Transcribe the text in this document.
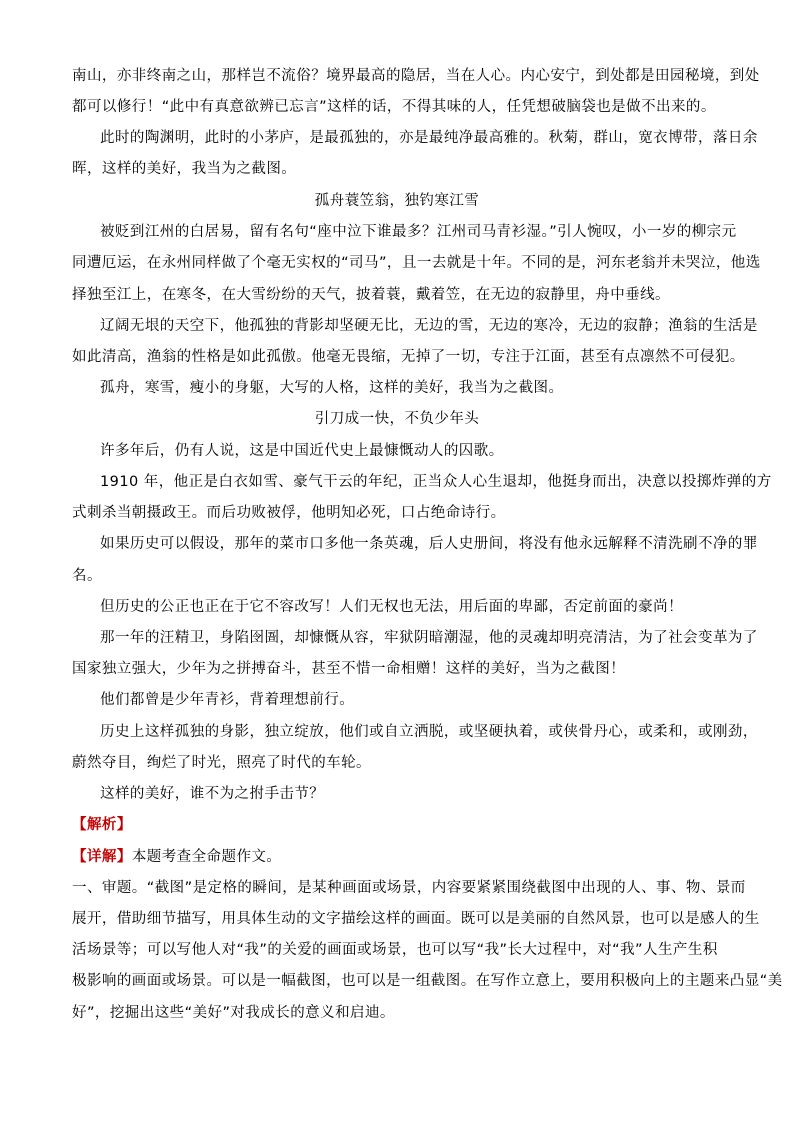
南山，亦非终南之山，那样岂不流俗？境界最高的隐居，当在人心。内心安宁，到处都是田园秘境，到处
都可以修行！“此中有真意欲辨已忘言”这样的话，不得其味的人，任凭想破脑袋也是做不出来的。
此时的陶渊明，此时的小茅庐，是最孤独的，亦是最纯净最高雅的。秋菊，群山，宽衣博带，落日余
晖，这样的美好，我当为之截图。
孤舟蓑笠翁，独钓寒江雪
被贬到江州的白居易，留有名句“座中泣下谁最多？江州司马青衫湿。”引人惋叹，小一岁的柳宗元
同遭厄运，在永州同样做了个毫无实权的“司马”，且一去就是十年。不同的是，河东老翁并未哭泣，他选
择独至江上，在寒冬，在大雪纷纷的天气，披着蓑，戴着笠，在无边的寂静里，舟中垂线。
辽阔无垠的天空下，他孤独的背影却坚硬无比，无边的雪，无边的寒冷，无边的寂静；渔翁的生活是
如此清高，渔翁的性格是如此孤傲。他毫无畏缩，无掉了一切，专注于江面，甚至有点凛然不可侵犯。
孤舟，寒雪，瘦小的身躯，大写的人格，这样的美好，我当为之截图。
引刀成一快，不负少年头
许多年后，仍有人说，这是中国近代史上最慷慨动人的囚歌。
1910 年，他正是白衣如雪、豪气干云的年纪，正当众人心生退却，他挺身而出，决意以投掷炸弹的方
式刺杀当朝摄政王。而后功败被俘，他明知必死，口占绝命诗行。
如果历史可以假设，那年的菜市口多他一条英魂，后人史册间，将没有他永远解释不清洗刷不净的罪
名。
但历史的公正也正在于它不容改写！人们无权也无法，用后面的卑鄙，否定前面的豪尚！
那一年的汪精卫，身陷囹圄，却慷慨从容，牢狱阴暗潮湿，他的灵魂却明亮清洁，为了社会变革为了
国家独立强大，少年为之拼搏奋斗，甚至不惜一命相赠！这样的美好，当为之截图！
他们都曾是少年青衫，背着理想前行。
历史上这样孤独的身影，独立绽放，他们或自立洒脱，或坚硬执着，或侠骨丹心，或柔和，或刚劲，
蔚然夺目，绚烂了时光，照亮了时代的车轮。
这样的美好，谁不为之拊手击节？
【解析】
【详解】本题考查全命题作文。
一、审题。“截图”是定格的瞬间，是某种画面或场景，内容要紧紧围绕截图中出现的人、事、物、景而
展开，借助细节描写，用具体生动的文字描绘这样的画面。既可以是美丽的自然风景，也可以是感人的生
活场景等；可以写他人对“我”的关爱的画面或场景，也可以写“我”长大过程中，对“我”人生产生积
极影响的画面或场景。可以是一幅截图，也可以是一组截图。在写作立意上，要用积极向上的主题来凸显“美
好”，挖掘出这些“美好”对我成长的意义和启迪。
